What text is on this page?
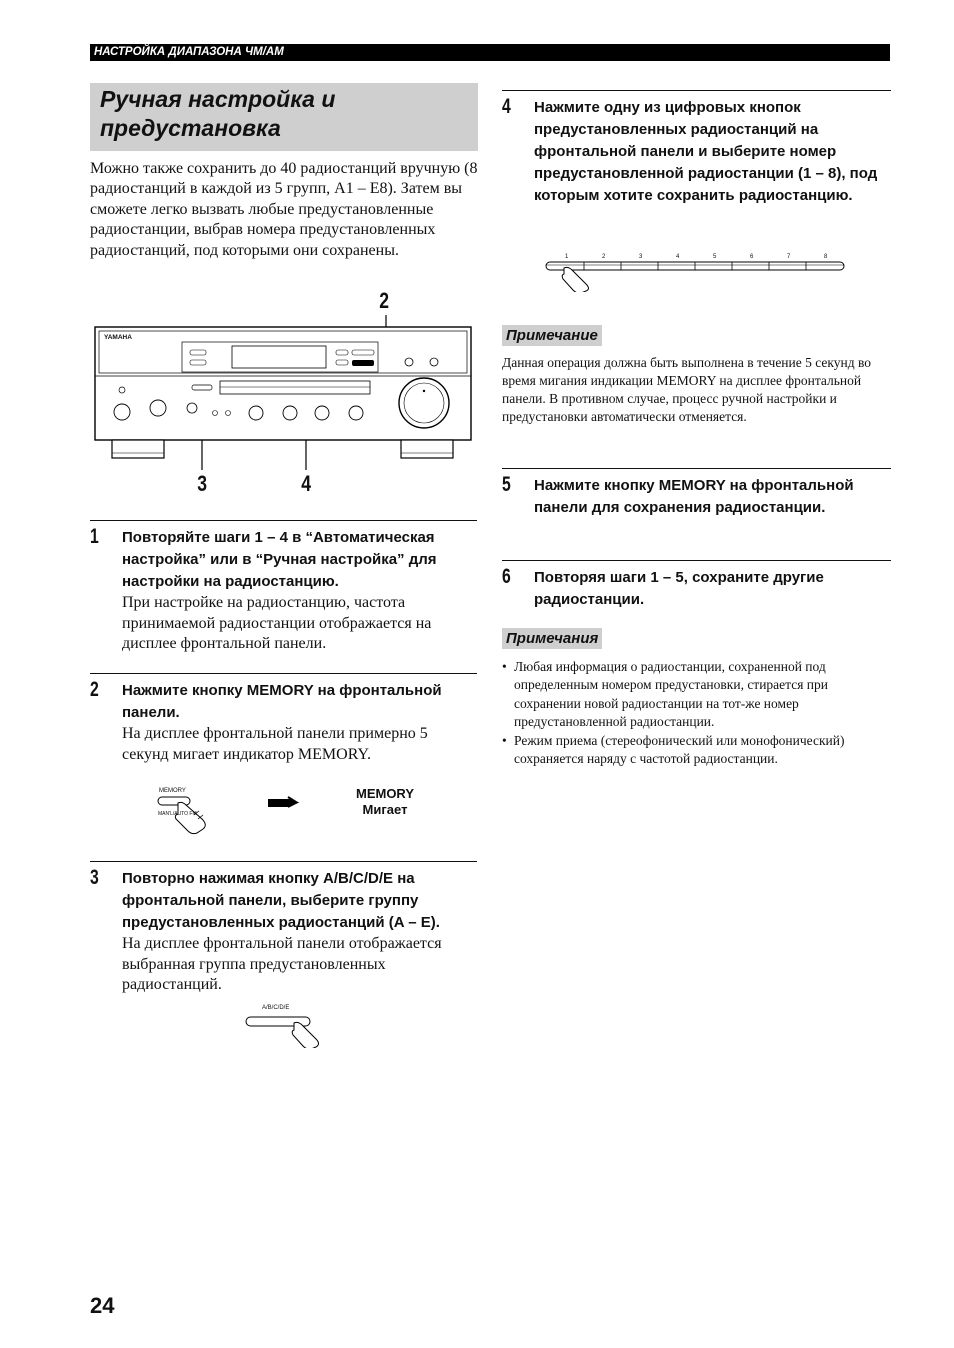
НАСТРОЙКА ДИАПАЗОНА ЧМ/AM
Ручная настройка и предустановка
Можно также сохранить до 40 радиостанций вручную (8 радиостанций в каждой из 5 групп, A1 – E8). Затем вы сможете легко вызвать любые предустановленные радиостанции, выбрав номера предустановленных радиостанций, под которыми они сохранены.
YAMAHA
2
3	4
1 Повторяйте шаги 1 – 4 в “Автоматическая настройка” или в “Ручная настройка” для настройки на радиостанцию.
При настройке на радиостанцию, частота принимаемой радиостанции отображается на дисплее фронтальной панели.
2 Нажмите кнопку MEMORY на фронтальной панели.
На дисплее фронтальной панели примерно 5 секунд мигает индикатор MEMORY.
MEMORY
MAN'L/AUTO FM
MEMORY
Мигает
3 Повторно нажимая кнопку A/B/C/D/E на фронтальной панели, выберите группу предустановленных радиостанций (A – E).
На дисплее фронтальной панели отображается выбранная группа предустановленных радиостанций.
A/B/C/D/E
4 Нажмите одну из цифровых кнопок предустановленных радиостанций на фронтальной панели и выберите номер предустановленной радиостанции (1 – 8), под которым хотите сохранить радиостанцию.
1	2	3	4	5	6	7	8
Примечание
Данная операция должна быть выполнена в течение 5 секунд во время мигания индикации MEMORY на дисплее фронтальной панели. В противном случае, процесс ручной настройки и предустановки автоматически отменяется.
5 Нажмите кнопку MEMORY на фронтальной панели для сохранения радиостанции.
6 Повторяя шаги 1 – 5, сохраните другие радиостанции.
Примечания
• Любая информация о радиостанции, сохраненной под определенным номером предустановки, стирается при сохранении новой радиостанции на тот-же номер предустановленной радиостанции.
• Режим приема (стереофонический или монофонический) сохраняется наряду с частотой радиостанции.
24
